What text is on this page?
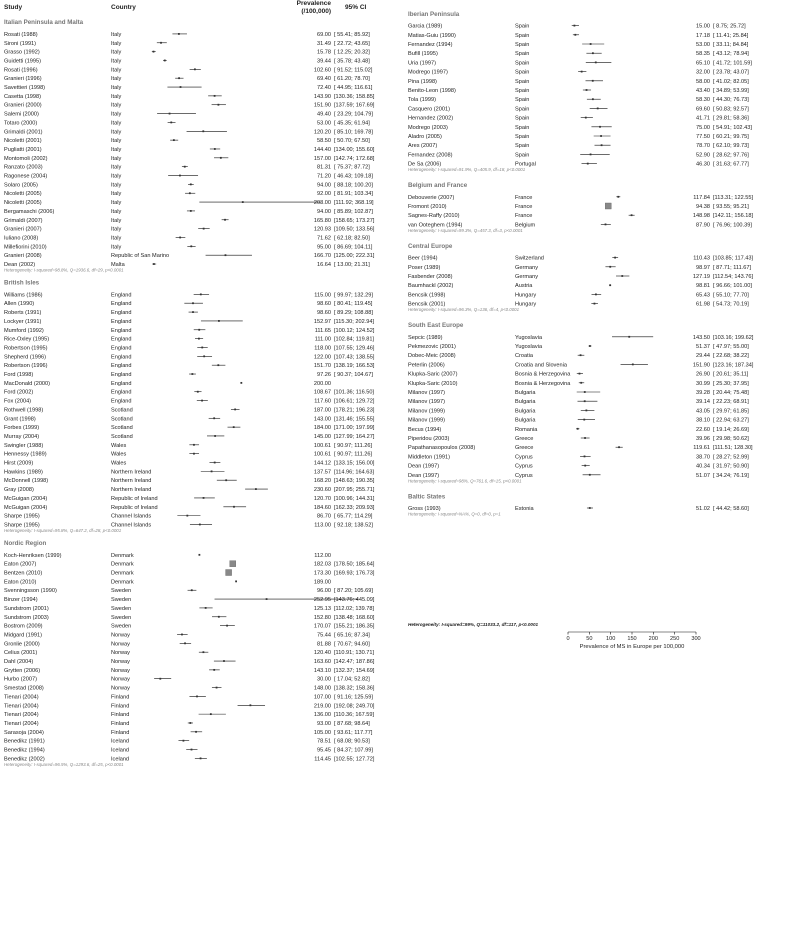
Study	Country
Prevalence
(/100,000)
95% CI
Italian Peninsula and Malta
Rosati (1988)	Italy	69.00 [ 55.41; 85.92]
Sironi (1991)	Italy	31.49 [ 22.72; 43.65]
Grasso (1992)	Italy	15.78 [ 12.25; 20.32]
Guidetti (1995)	Italy	39.44 [ 35.78; 43.48]
Rosati (1996)	Italy	102.60 [ 91.52; 115.02]
Granieri (1996)	Italy	69.40 [ 61.20; 78.70]
Savettieri (1998)	Italy	72.40 [ 44.95; 116.61]
Casetta (1998)	Italy	143.90 [130.36; 158.85]
Granieri (2000)	Italy	151.90 [137.59; 167.69]
Salemi (2000)	Italy	49.40 [ 23.29; 104.79]
Totaro (2000)	Italy	53.00 [ 45.35; 61.94]
Grimaldi (2001)	Italy	120.20 [ 85.10; 169.78]
Nicoletti (2001)	Italy	58.50 [ 50.70; 67.50]
Pugliatti (2001)	Italy	144.40 [134.00; 155.60]
Montomoli (2002)	Italy	157.00 [142.74; 172.68]
Ranzato (2003)	Italy	81.31 [ 75.37; 87.72]
Ragonese (2004)	Italy	71.20 [ 46.43; 109.18]
Solaro (2005)	Italy	94.00 [ 88.18; 100.20]
Nicoletti (2005)	Italy	92.00 [ 81.91; 103.34]
Nicoletti (2005)	Italy	203.00 [111.92; 368.19]
Bergamaschi (2006)	Italy	94.00 [ 85.89; 102.87]
Grimaldi (2007)	Italy	165.80 [158.65; 173.27]
Granieri (2007)	Italy	120.93 [109.50; 133.56]
Iuliano (2008)	Italy	71.62 [ 62.18; 82.50]
Millefiorini (2010)	Italy	95.00 [ 86.69; 104.11]
Granieri (2008)	Republic of San Marino	166.70 [125.00; 222.31]
Dean (2002)	Malta	16.64 [ 13.00; 21.31]
Heterogeneity: I-squared=98.8%, Q=1936.6, df=29, p<0.0001
British Isles
Williams (1986)	England	115.00 [ 99.97; 132.29]
Allen (1990)	England	98.60 [ 80.41; 119.45]
Roberts (1991)	England	98.60 [ 89.29; 108.88]
Lockyer (1991)	England	152.97 [115.30; 202.94]
Mumford (1992)	England	111.65 [100.12; 124.52]
Rice-Oxley (1995)	England	111.00 [102.84; 119.81]
Robertson (1995)	England	118.00 [107.55; 129.46]
Shepherd (1996)	England	122.00 [107.43; 138.55]
Robertson (1996)	England	151.70 [138.19; 166.53]
Ford (1998)	England	97.26 [ 90.37; 104.67]
MacDonald (2000)	England	200.00
Ford (2002)	England	108.67 [101.36; 116.50]
Fox (2004)	England	117.60 [106.61; 129.72]
Rothwell (1998)	Scotland	187.00 [178.21; 196.23]
Grant (1998)	Scotland	143.00 [131.46; 155.55]
Forbes (1999)	Scotland	184.00 [171.00; 197.99]
Murray (2004)	Scotland	145.00 [127.99; 164.27]
Swingler (1988)	Wales	100.61 [ 90.97; 111.26]
Hennessy (1989)	Wales	100.61 [ 90.97; 111.26]
Hirst (2009)	Wales	144.12 [133.15; 156.00]
Hawkins (1989)	Northern Ireland	137.57 [114.96; 164.63]
McDonnell (1998)	Northern Ireland	168.20 [148.63; 190.35]
Gray (2008)	Northern Ireland	230.60 [207.95; 255.71]
McGuigan (2004)	Republic of Ireland	120.70 [100.96; 144.31]
McGuigan (2004)	Republic of Ireland	184.60 [162.33; 209.93]
Sharpe (1995)	Channel Islands	86.70 [ 65.77; 114.29]
Sharpe (1995)	Channel Islands	113.00 [ 92.18; 138.52]
Heterogeneity: I-squared=95.8%, Q=647.2, df=28, p<0.0001
Nordic Region
Koch-Henriksen (1999)	Denmark	112.00
Eaton (2007)	Denmark	182.03 [178.50; 185.64]
Bentzen (2010)	Denmark	173.30 [169.93; 176.73]
Eaton (2010)	Denmark	189.00
Svenningsson (1990)	Sweden	96.00 [ 87.20; 105.69]
Binzer (1994)	Sweden	252.95 [143.76; 445.09]
Sundstrom (2001)	Sweden	125.13 [112.02; 139.78]
Sundstrom (2003)	Sweden	152.80 [138.48; 168.60]
Bostrom (2009)	Sweden	170.07 [155.21; 186.35]
Midgard (1991)	Norway	75.44 [ 65.16; 87.34]
Gronlie (2000)	Norway	81.88 [ 70.67; 94.60]
Celius (2001)	Norway	120.40 [110.91; 130.71]
Dahl (2004)	Norway	163.60 [142.47; 187.86]
Grytten (2006)	Norway	143.10 [132.37; 154.69]
Hurbo (2007)	Norway	30.00 [ 17.04; 52.82]
Smestad (2008)	Norway	148.00 [138.32; 158.36]
Tienari (2004)	Finland	107.00 [ 91.16; 125.59]
Tienari (2004)	Finland	219.00 [192.08; 249.70]
Tienari (2004)	Finland	136.00 [110.36; 167.59]
Tienari (2004)	Finland	93.00 [ 87.68; 98.64]
Sarasoja (2004)	Finland	105.00 [ 93.61; 117.77]
Benedikz (1991)	Iceland	78.51 [ 68.08; 90.53]
Benedikz (1994)	Iceland	95.45 [ 84.37; 107.99]
Benedikz (2002)	Iceland	114.45 [102.55; 127.72]
Heterogeneity: I-squared=96.5%, Q=1293.6, df=25, p<0.0001
Iberian Peninsula
Garcia (1989)	Spain	15.00 [ 8.75; 25.72]
Matias-Guiu (1990)	Spain	17.18 [ 11.41; 25.84]
Fernandez (1994)	Spain	53.00 [ 33.11; 84.84]
Bufill (1995)	Spain	58.35 [ 43.12; 78.94]
Uria (1997)	Spain	65.10 [ 41.72; 101.59]
Modrego (1997)	Spain	32.00 [ 23.78; 43.07]
Pina (1998)	Spain	58.00 [ 41.02; 82.05]
Benito-Leon (1998)	Spain	43.40 [ 34.89; 53.99]
Tola (1999)	Spain	58.30 [ 44.30; 76.73]
Casquero (2001)	Spain	69.60 [ 50.83; 92.57]
Hernandez (2002)	Spain	41.71 [ 29.81; 58.36]
Modrego (2003)	Spain	75.00 [ 54.91; 102.43]
Aladro (2005)	Spain	77.50 [ 60.21; 99.75]
Ares (2007)	Spain	78.70 [ 62.10; 99.73]
Fernandez (2008)	Spain	52.90 [ 28.62; 97.76]
De Sa (2006)	Portugal	46.30 [ 31.63; 67.77]
Heterogeneity: I-squared=91.9%, Q=405.9, df=18, p<0.0001
Belgium and France
Debouverie (2007)	France	117.84 [113.31; 122.55]
Fromont (2010)	France	94.38 [ 93.55; 95.21]
Sagnes-Raffy (2010)	France	148.98 [142.11; 156.18]
van Ooteghem (1994)	Belgium	87.90 [ 76.96; 100.39]
Heterogeneity: I-squared=99.3%, Q=457.3, df=3, p<0.0001
Central Europe
Beer (1994)	Switzerland	110.43 [103.85; 117.43]
Poser (1989)	Germany	98.97 [ 87.71; 111.67]
Fasbender (2008)	Germany	127.19 [112.54; 143.76]
Baumhackl (2002)	Austria	98.81 [ 96.66; 101.00]
Bencsik (1998)	Hungary	65.43 [ 55.10; 77.70]
Bencsik (2001)	Hungary	61.98 [ 54.73; 70.19]
Heterogeneity: I-squared=96.3%, Q=136, df=4, p<0.0001
South East Europe
Sepcic (1989)	Yugoslavia	143.50 [103.16; 199.62]
Pekmezovic (2001)	Yugoslavia	51.37 [ 47.97; 55.00]
Dobec-Meic (2008)	Croatia	29.44 [ 22.68; 38.22]
Peterlin (2006)	Croatia and Slovenia	151.90 [123.16; 187.34]
Klupka-Saric (2007)	Bosnia & Herzegovina	26.90 [ 20.61; 35.11]
Klupka-Saric (2010)	Bosnia & Herzegovina	30.99 [ 25.30; 37.95]
Milanov (1997)	Bulgaria	39.28 [ 20.44; 75.48]
Milanov (1997)	Bulgaria	39.14 [ 22.23; 68.91]
Milanov (1999)	Bulgaria	43.05 [ 29.97; 61.85]
Milanov (1999)	Bulgaria	38.10 [ 22.94; 63.27]
Becus (1994)	Romania	22.60 [ 19.14; 26.69]
Piperidou (2003)	Greece	39.96 [ 29.98; 50.62]
Papathanasopoulos (2008)	Greece	119.61 [111.51; 128.30]
Middleton (1991)	Cyprus	38.70 [ 28.27; 52.99]
Dean (1997)	Cyprus	40.34 [ 31.97; 50.90]
Dean (1997)	Cyprus	51.07 [ 34.24; 76.19]
Heterogeneity: I-squared=98%, Q=761.6, df=15, p<0.0001
Baltic States
Gross (1993)	Estonia	51.02 [ 44.42; 58.60]
Heterogeneity: I-squared=NA%, Q=0, df=0, p=1
Heterogeneity: I-squared=99%, Q=11033.2, df=117, p<0.0001
0	50 100 150 200 250 300
Prevalence of MS in Europe per 100,000
